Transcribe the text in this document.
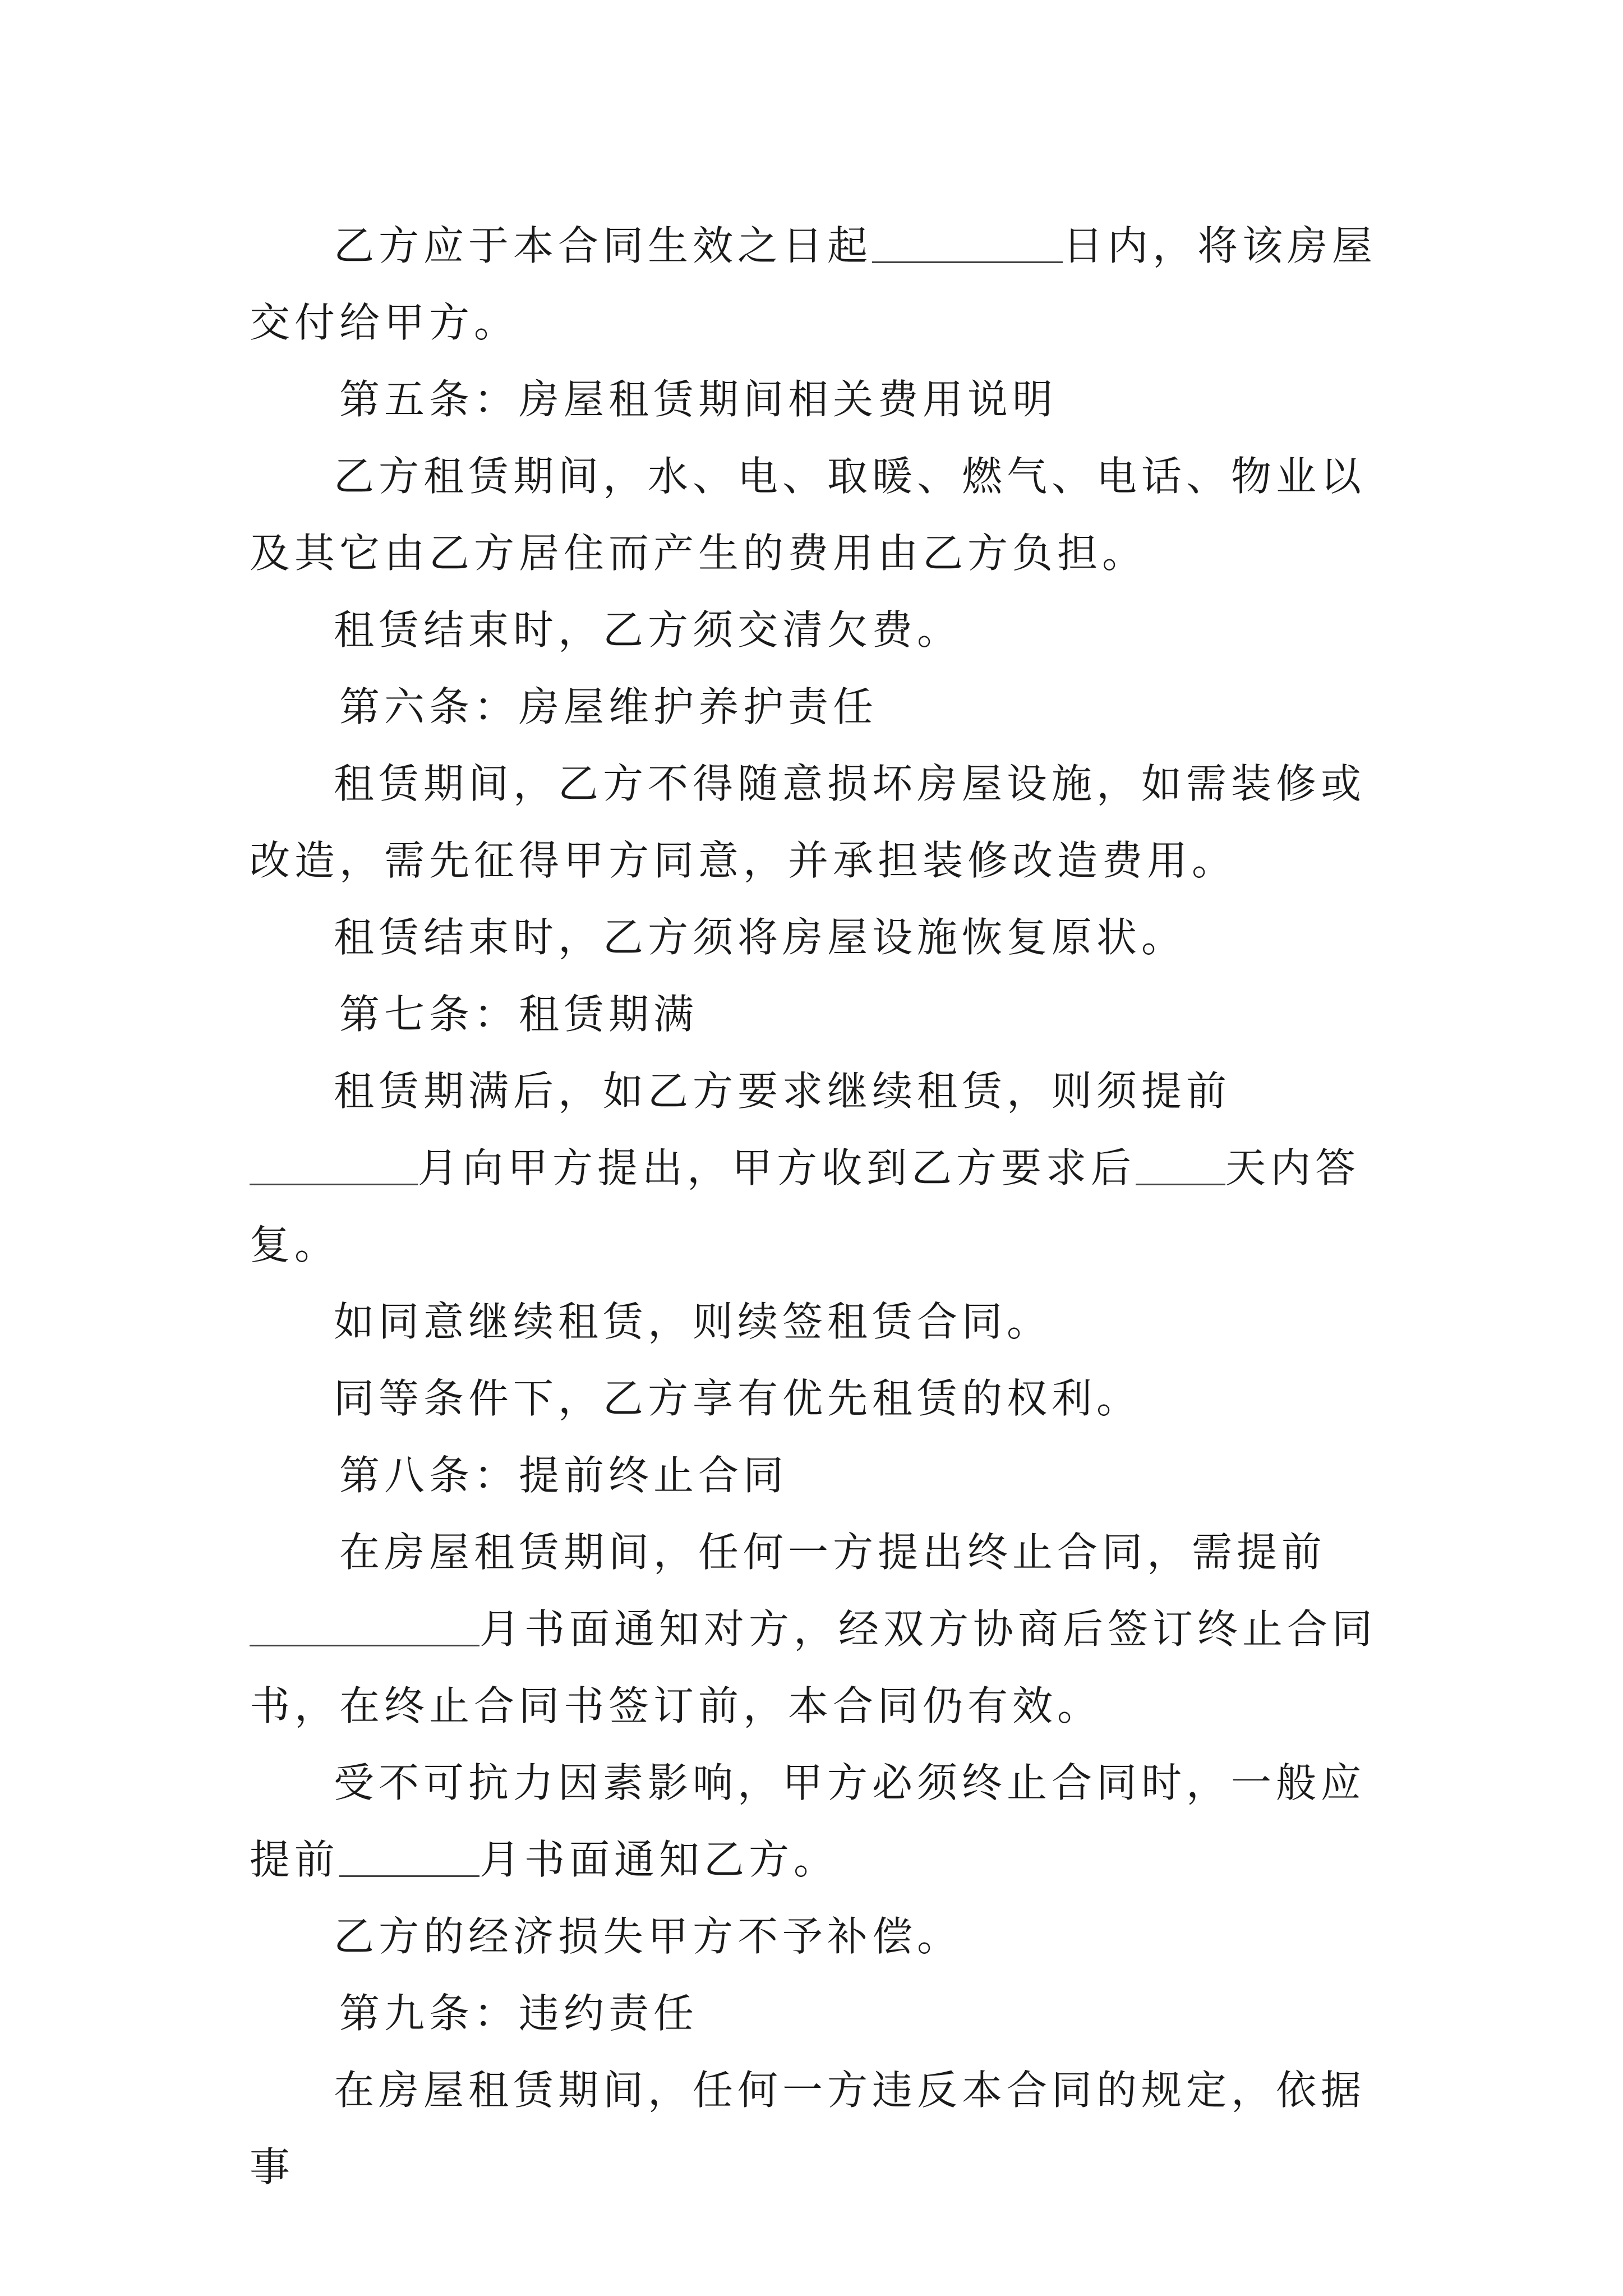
乙方应于本合同生效之日起	日内，将该房屋交付给甲方。

第五条：房屋租赁期间相关费用说明

乙方租赁期间，水、电、取暖、燃气、电话、物业以及其它由乙方居住而产生的费用由乙方负担。

租赁结束时，乙方须交清欠费。

第六条：房屋维护养护责任

租赁期间，乙方不得随意损坏房屋设施，如需装修或改造，需先征得甲方同意，并承担装修改造费用。

租赁结束时，乙方须将房屋设施恢复原状。

第七条：租赁期满

租赁期满后，如乙方要求继续租赁，则须提前月向甲方提出，甲方收到乙方要求后 天内答复。

如同意继续租赁，则续签租赁合同。

同等条件下，乙方享有优先租赁的权利。

第八条：提前终止合同

在房屋租赁期间，任何一方提出终止合同，需提前月书面通知对方，经双方协商后签订终止合同书，在终止合同书签订前，本合同仍有效。

受不可抗力因素影响，甲方必须终止合同时，一般应提前	月书面通知乙方。

乙方的经济损失甲方不予补偿。

第九条：违约责任

在房屋租赁期间，任何一方违反本合同的规定，依据事
